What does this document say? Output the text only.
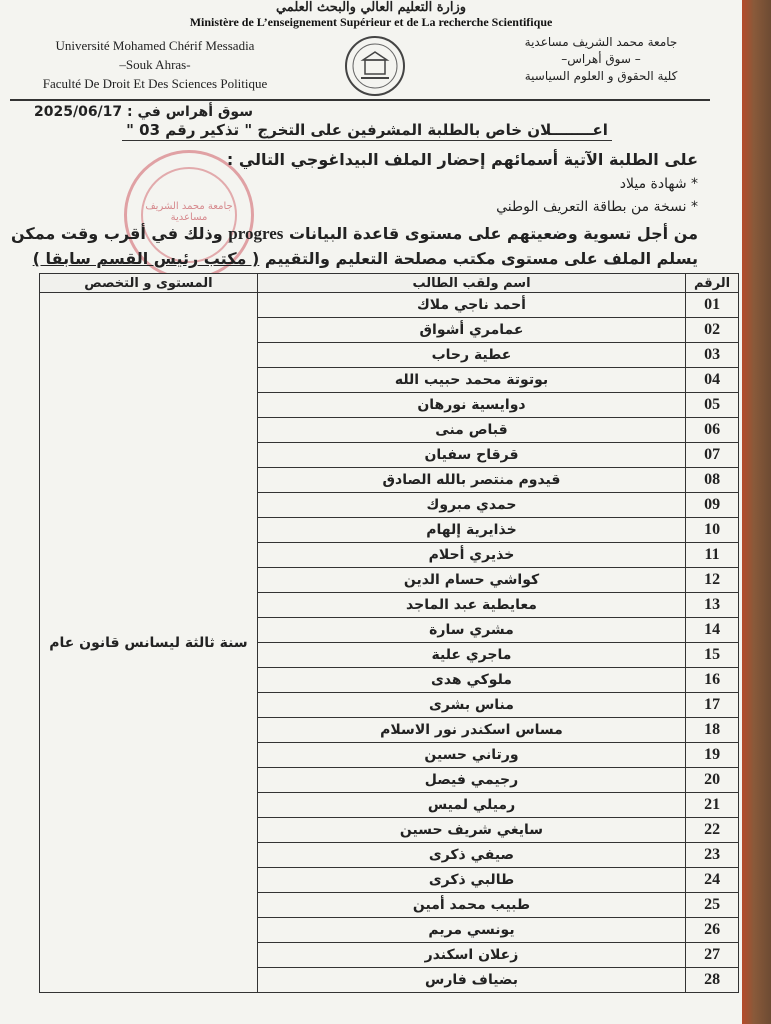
وزارة التعليم العالي والبحث العلمي
Ministère de L’enseignement Supérieur et de La recherche Scientifique
Université Mohamed Chérif Messadia
–Souk Ahras-
Faculté De Droit Et Des Sciences Politique
جامعة محمد الشريف مساعدية
– سوق أهراس–
كلية الحقوق و العلوم السياسية
سوق أهراس في : 2025/06/17
اعــــــــلان خاص بالطلبة المشرفين على التخرج " تذكير رقم 03 "
جامعة محمد الشريف مساعدية
على الطلبة الآتية أسمائهم إحضار الملف البيداغوجي التالي :
* شهادة ميلاد
* نسخة من بطاقة التعريف الوطني
من أجل تسوية وضعيتهم على مستوى قاعدة البيانات progres وذلك في أقرب وقت ممكن
يسلم الملف على مستوى مكتب مصلحة التعليم والتقييم ( مكتب رئيس القسم سابقا )
الرقم	اسم ولقب الطالب	المستوى و التخصص
01	أحمد ناجي ملاك	سنة ثالثة ليسانس قانون عام
02	عمامري أشواق	
03	عطية رحاب	
04	بوتوتة محمد حبيب الله	
05	دوايسية نورهان	
06	قباص منى	
07	قرقاح سفيان	
08	قيدوم منتصر بالله الصادق	
09	حمدي مبروك	
10	خذايرية إلهام	
11	خذيري أحلام	
12	كواشي حسام الدين	
13	معايطية عبد الماجد	
14	مشري سارة	
15	ماجري علية	
16	ملوكي هدى	
17	مناس بشرى	
18	مساس اسكندر نور الاسلام	
19	ورتاني حسين	
20	رجيمي فيصل	
21	رميلي لميس	
22	سايغي شريف حسين	
23	صيفي ذكرى	
24	طالبي ذكرى	
25	طبيب محمد أمين	
26	يونسي مريم	
27	زعلان اسكندر	
28	بضياف فارس	
